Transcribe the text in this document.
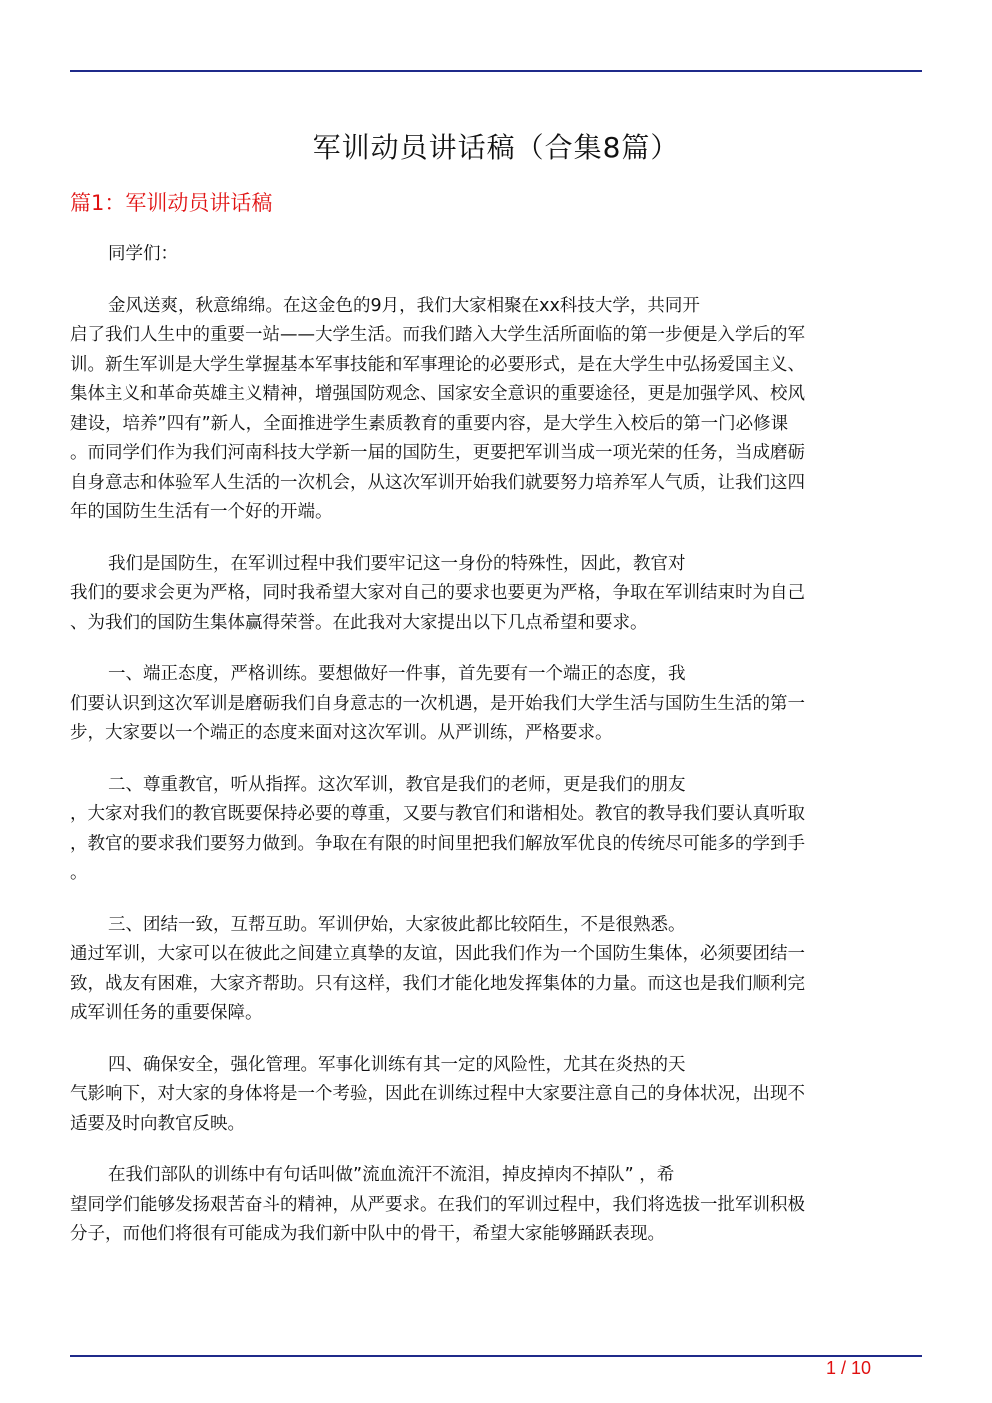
军训动员讲话稿（合集8篇）
篇1：军训动员讲话稿

同学们：

金风送爽，秋意绵绵。在这金色的9月，我们大家相聚在xx科技大学，共同开
启了我们人生中的重要一站——大学生活。而我们踏入大学生活所面临的第一步便是入学后的军
训。新生军训是大学生掌握基本军事技能和军事理论的必要形式，是在大学生中弘扬爱国主义、
集体主义和革命英雄主义精神，增强国防观念、国家安全意识的重要途径，更是加强学风、校风
建设，培养”四有”新人，全面推进学生素质教育的重要内容，是大学生入校后的第一门必修课
。而同学们作为我们河南科技大学新一届的国防生，更要把军训当成一项光荣的任务，当成磨砺
自身意志和体验军人生活的一次机会，从这次军训开始我们就要努力培养军人气质，让我们这四
年的国防生生活有一个好的开端。

我们是国防生，在军训过程中我们要牢记这一身份的特殊性，因此，教官对
我们的要求会更为严格，同时我希望大家对自己的要求也要更为严格，争取在军训结束时为自己
、为我们的国防生集体赢得荣誉。在此我对大家提出以下几点希望和要求。

一、端正态度，严格训练。要想做好一件事，首先要有一个端正的态度，我
们要认识到这次军训是磨砺我们自身意志的一次机遇，是开始我们大学生活与国防生生活的第一
步，大家要以一个端正的态度来面对这次军训。从严训练，严格要求。

二、尊重教官，听从指挥。这次军训，教官是我们的老师，更是我们的朋友
，大家对我们的教官既要保持必要的尊重，又要与教官们和谐相处。教官的教导我们要认真听取
，教官的要求我们要努力做到。争取在有限的时间里把我们解放军优良的传统尽可能多的学到手
。

三、团结一致，互帮互助。军训伊始，大家彼此都比较陌生，不是很熟悉。
通过军训，大家可以在彼此之间建立真挚的友谊，因此我们作为一个国防生集体，必须要团结一
致，战友有困难，大家齐帮助。只有这样，我们才能化地发挥集体的力量。而这也是我们顺利完
成军训任务的重要保障。

四、确保安全，强化管理。军事化训练有其一定的风险性，尤其在炎热的天
气影响下，对大家的身体将是一个考验，因此在训练过程中大家要注意自己的身体状况，出现不
适要及时向教官反映。

在我们部队的训练中有句话叫做”流血流汗不流泪，掉皮掉肉不掉队” ，希
望同学们能够发扬艰苦奋斗的精神，从严要求。在我们的军训过程中，我们将选拔一批军训积极
分子，而他们将很有可能成为我们新中队中的骨干，希望大家能够踊跃表现。

1 / 10
